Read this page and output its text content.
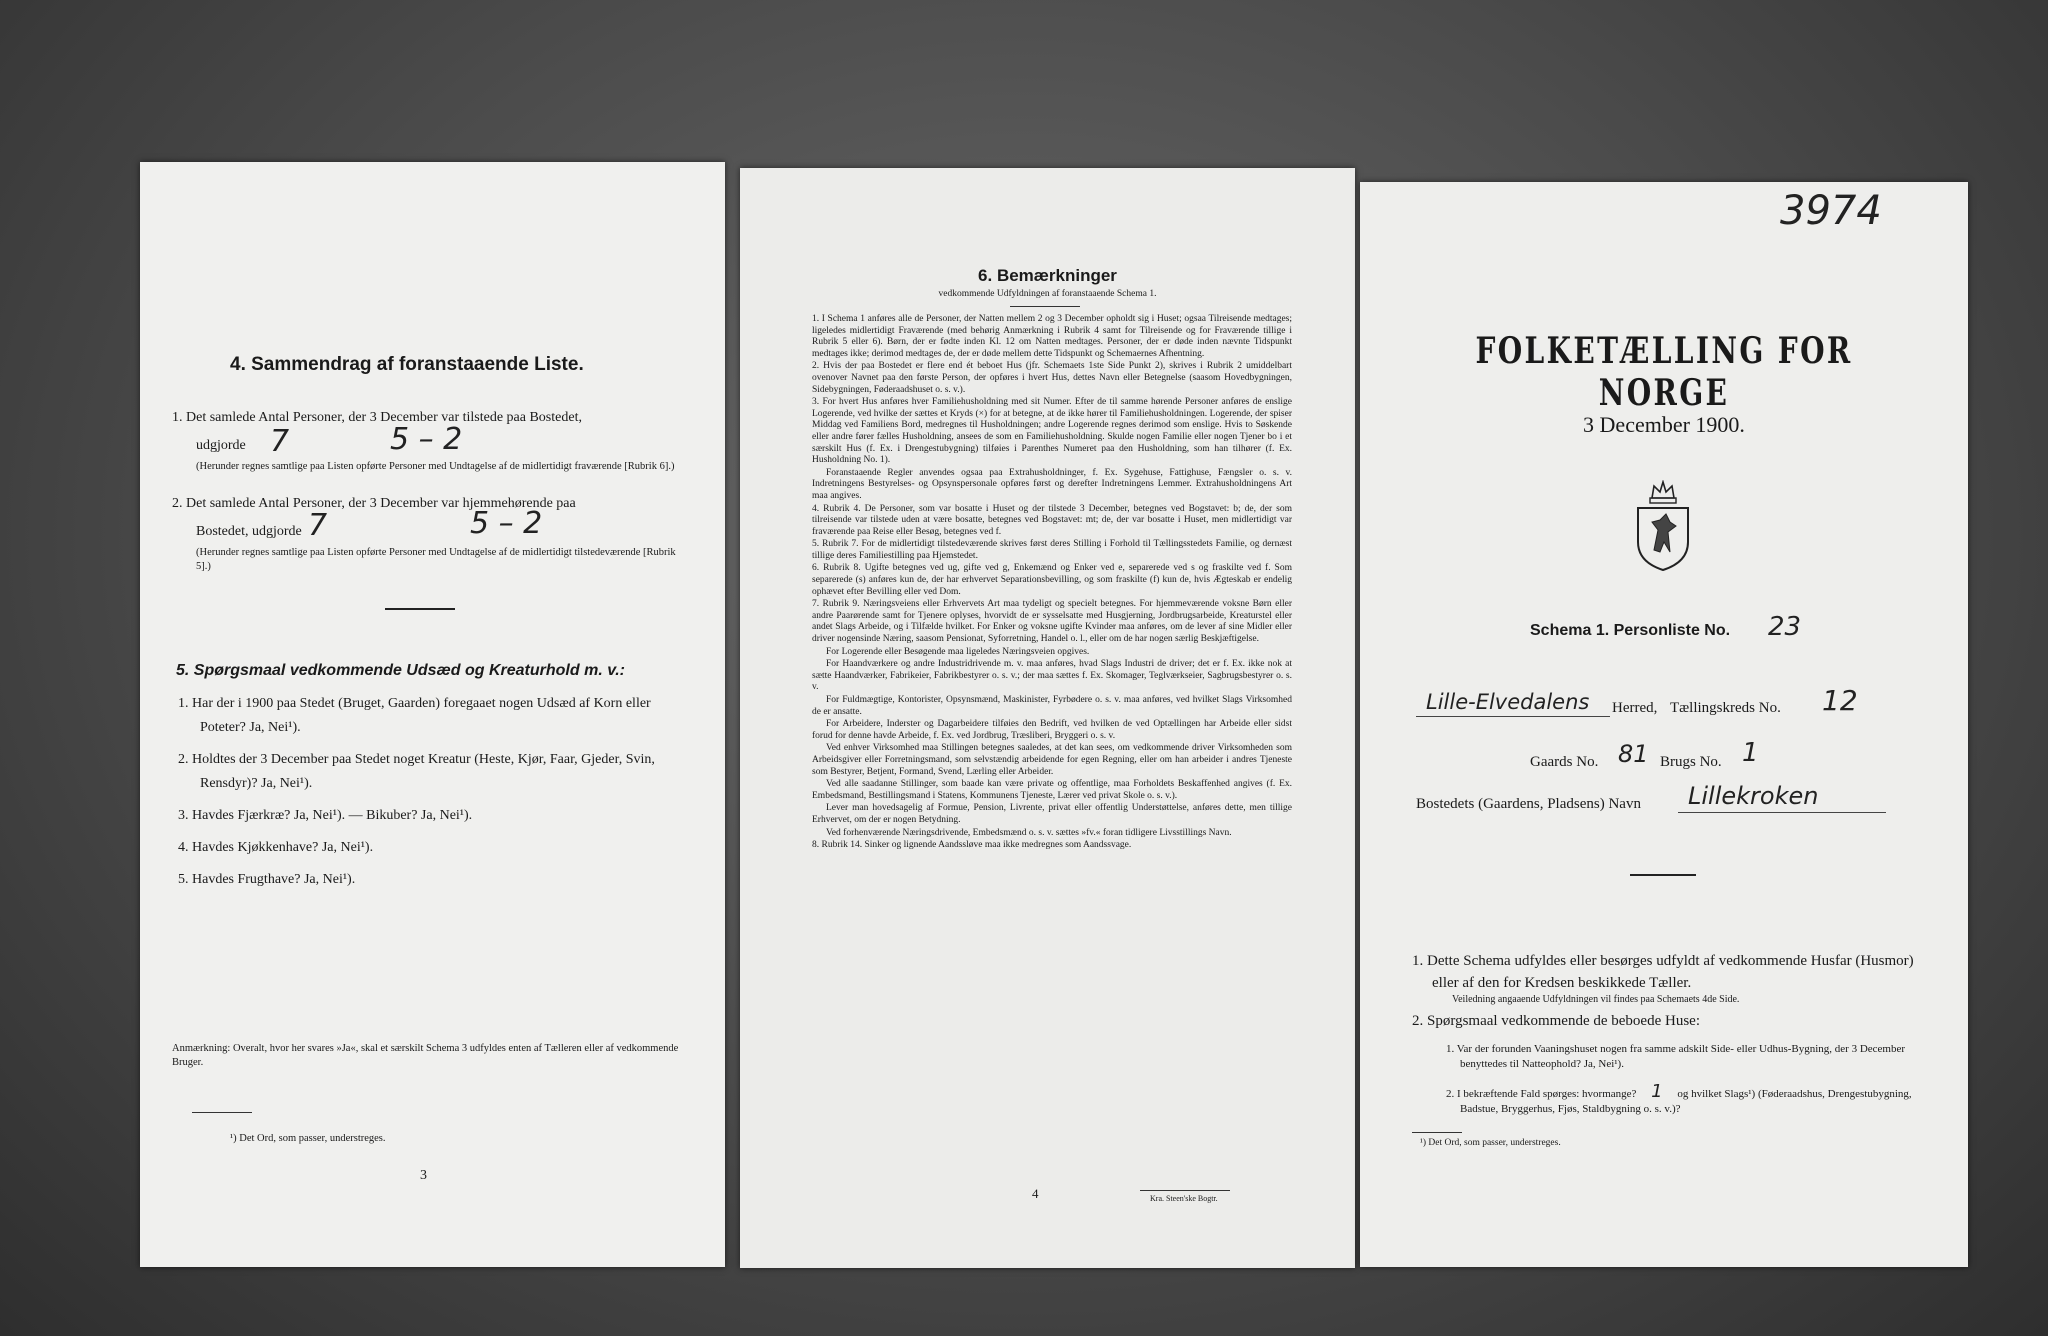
4. Sammendrag af foranstaaende Liste.
1. Det samlede Antal Personer, der 3 December var tilstede paa Bostedet,
udgjorde 7	5 – 2
(Herunder regnes samtlige paa Listen opførte Personer med Undtagelse af de midlertidigt fraværende [Rubrik 6].)
2. Det samlede Antal Personer, der 3 December var hjemmehørende paa
Bostedet, udgjorde 7	5 – 2
(Herunder regnes samtlige paa Listen opførte Personer med Undtagelse af de midlertidigt tilstedeværende [Rubrik 5].)
5. Spørgsmaal vedkommende Udsæd og Kreaturhold m. v.:
1. Har der i 1900 paa Stedet (Bruget, Gaarden) foregaaet nogen Udsæd af Korn eller Poteter? Ja, Nei¹).
2. Holdtes der 3 December paa Stedet noget Kreatur (Heste, Kjør, Faar, Gjeder, Svin, Rensdyr)? Ja, Nei¹).
3. Havdes Fjærkræ? Ja, Nei¹). — Bikuber? Ja, Nei¹).
4. Havdes Kjøkkenhave? Ja, Nei¹).
5. Havdes Frugthave? Ja, Nei¹).
Anmærkning: Overalt, hvor her svares »Ja«, skal et særskilt Schema 3 udfyldes enten af Tælleren eller af vedkommende Bruger.
¹) Det Ord, som passer, understreges.
3
6. Bemærkninger
vedkommende Udfyldningen af foranstaaende Schema 1.
1. I Schema 1 anføres alle de Personer, der Natten mellem 2 og 3 December opholdt sig i Huset; ogsaa Tilreisende medtages; ligeledes midlertidigt Fraværende (med behørig Anmærkning i Rubrik 4 samt for Tilreisende og for Fraværende tillige i Rubrik 5 eller 6). Børn, der er fødte inden Kl. 12 om Natten medtages. Personer, der er døde inden nævnte Tidspunkt medtages ikke; derimod medtages de, der er døde mellem dette Tidspunkt og Schemaernes Afhentning.
2. Hvis der paa Bostedet er flere end ét beboet Hus (jfr. Schemaets 1ste Side Punkt 2), skrives i Rubrik 2 umiddelbart ovenover Navnet paa den første Person, der opføres i hvert Hus, dettes Navn eller Betegnelse (saasom Hovedbygningen, Sidebygningen, Føderaadshuset o. s. v.).
3. For hvert Hus anføres hver Familiehusholdning med sit Numer. Efter de til samme hørende Personer anføres de enslige Logerende, ved hvilke der sættes et Kryds (×) for at betegne, at de ikke hører til Familiehusholdningen. Logerende, der spiser Middag ved Familiens Bord, medregnes til Husholdningen; andre Logerende regnes derimod som enslige. Hvis to Søskende eller andre fører fælles Husholdning, ansees de som en Familiehusholdning. Skulde nogen Familie eller nogen Tjener bo i et særskilt Hus (f. Ex. i Drengestubygning) tilføies i Parenthes Numeret paa den Husholdning, som han tilhører (f. Ex. Husholdning No. 1).
Foranstaaende Regler anvendes ogsaa paa Extrahusholdninger, f. Ex. Sygehuse, Fattighuse, Fængsler o. s. v. Indretningens Bestyrelses- og Opsynspersonale opføres først og derefter Indretningens Lemmer. Extrahusholdningens Art maa angives.
4. Rubrik 4. De Personer, som var bosatte i Huset og der tilstede 3 December, betegnes ved Bogstavet: b; de, der som tilreisende var tilstede uden at være bosatte, betegnes ved Bogstavet: mt; de, der var bosatte i Huset, men midlertidigt var fraværende paa Reise eller Besøg, betegnes ved f.
5. Rubrik 7. For de midlertidigt tilstedeværende skrives først deres Stilling i Forhold til Tællingsstedets Familie, og dernæst tillige deres Familiestilling paa Hjemstedet.
6. Rubrik 8. Ugifte betegnes ved ug, gifte ved g, Enkemænd og Enker ved e, separerede ved s og fraskilte ved f. Som separerede (s) anføres kun de, der har erhvervet Separationsbevilling, og som fraskilte (f) kun de, hvis Ægteskab er endelig ophævet efter Bevilling eller ved Dom.
7. Rubrik 9. Næringsveiens eller Erhvervets Art maa tydeligt og specielt betegnes. For hjemmeværende voksne Børn eller andre Paarørende samt for Tjenere oplyses, hvorvidt de er sysselsatte med Husgjerning, Jordbrugsarbeide, Kreaturstel eller andet Slags Arbeide, og i Tilfælde hvilket. For Enker og voksne ugifte Kvinder maa anføres, om de lever af sine Midler eller driver nogensinde Næring, saasom Pensionat, Syforretning, Handel o. l., eller om de har nogen særlig Beskjæftigelse.
For Logerende eller Besøgende maa ligeledes Næringsveien opgives.
For Haandværkere og andre Industridrivende m. v. maa anføres, hvad Slags Industri de driver; det er f. Ex. ikke nok at sætte Haandværker, Fabrikeier, Fabrikbestyrer o. s. v.; der maa sættes f. Ex. Skomager, Teglværkseier, Sagbrugsbestyrer o. s. v.
For Fuldmægtige, Kontorister, Opsynsmænd, Maskinister, Fyrbødere o. s. v. maa anføres, ved hvilket Slags Virksomhed de er ansatte.
For Arbeidere, Inderster og Dagarbeidere tilføies den Bedrift, ved hvilken de ved Optællingen har Arbeide eller sidst forud for denne havde Arbeide, f. Ex. ved Jordbrug, Træsliberi, Bryggeri o. s. v.
Ved enhver Virksomhed maa Stillingen betegnes saaledes, at det kan sees, om vedkommende driver Virksomheden som Arbeidsgiver eller Forretningsmand, som selvstændig arbeidende for egen Regning, eller om han arbeider i andres Tjeneste som Bestyrer, Betjent, Formand, Svend, Lærling eller Arbeider.
Ved alle saadanne Stillinger, som baade kan være private og offentlige, maa Forholdets Beskaffenhed angives (f. Ex. Embedsmand, Bestillingsmand i Statens, Kommunens Tjeneste, Lærer ved privat Skole o. s. v.).
Lever man hovedsagelig af Formue, Pension, Livrente, privat eller offentlig Understøttelse, anføres dette, men tillige Erhvervet, om der er nogen Betydning.
Ved forhenværende Næringsdrivende, Embedsmænd o. s. v. sættes »fv.« foran tidligere Livsstillings Navn.
8. Rubrik 14. Sinker og lignende Aandssløve maa ikke medregnes som Aandssvage.
4	Kra. Steen'ske Bogtr.
3974
FOLKETÆLLING FOR NORGE
3 December 1900.
Schema 1. Personliste No. 23
Lille-Elvedalens Herred, Tællingskreds No. 12
Gaards No. 81 Brugs No. 1
Bostedets (Gaardens, Pladsens) Navn Lillekroken
1. Dette Schema udfyldes eller besørges udfyldt af vedkommende Husfar (Husmor) eller af den for Kredsen beskikkede Tæller.
Veiledning angaaende Udfyldningen vil findes paa Schemaets 4de Side.
2. Spørgsmaal vedkommende de beboede Huse:
1. Var der forunden Vaaningshuset nogen fra samme adskilt Side- eller Udhus-Bygning, der 3 December benyttedes til Natteophold? Ja, Nei¹).
2. I bekræftende Fald spørges: hvormange? 1 og hvilket Slags¹) (Føderaadshus, Drengestubygning, Badstue, Bryggerhus, Fjøs, Staldbygning o. s. v.)?
¹) Det Ord, som passer, understreges.
